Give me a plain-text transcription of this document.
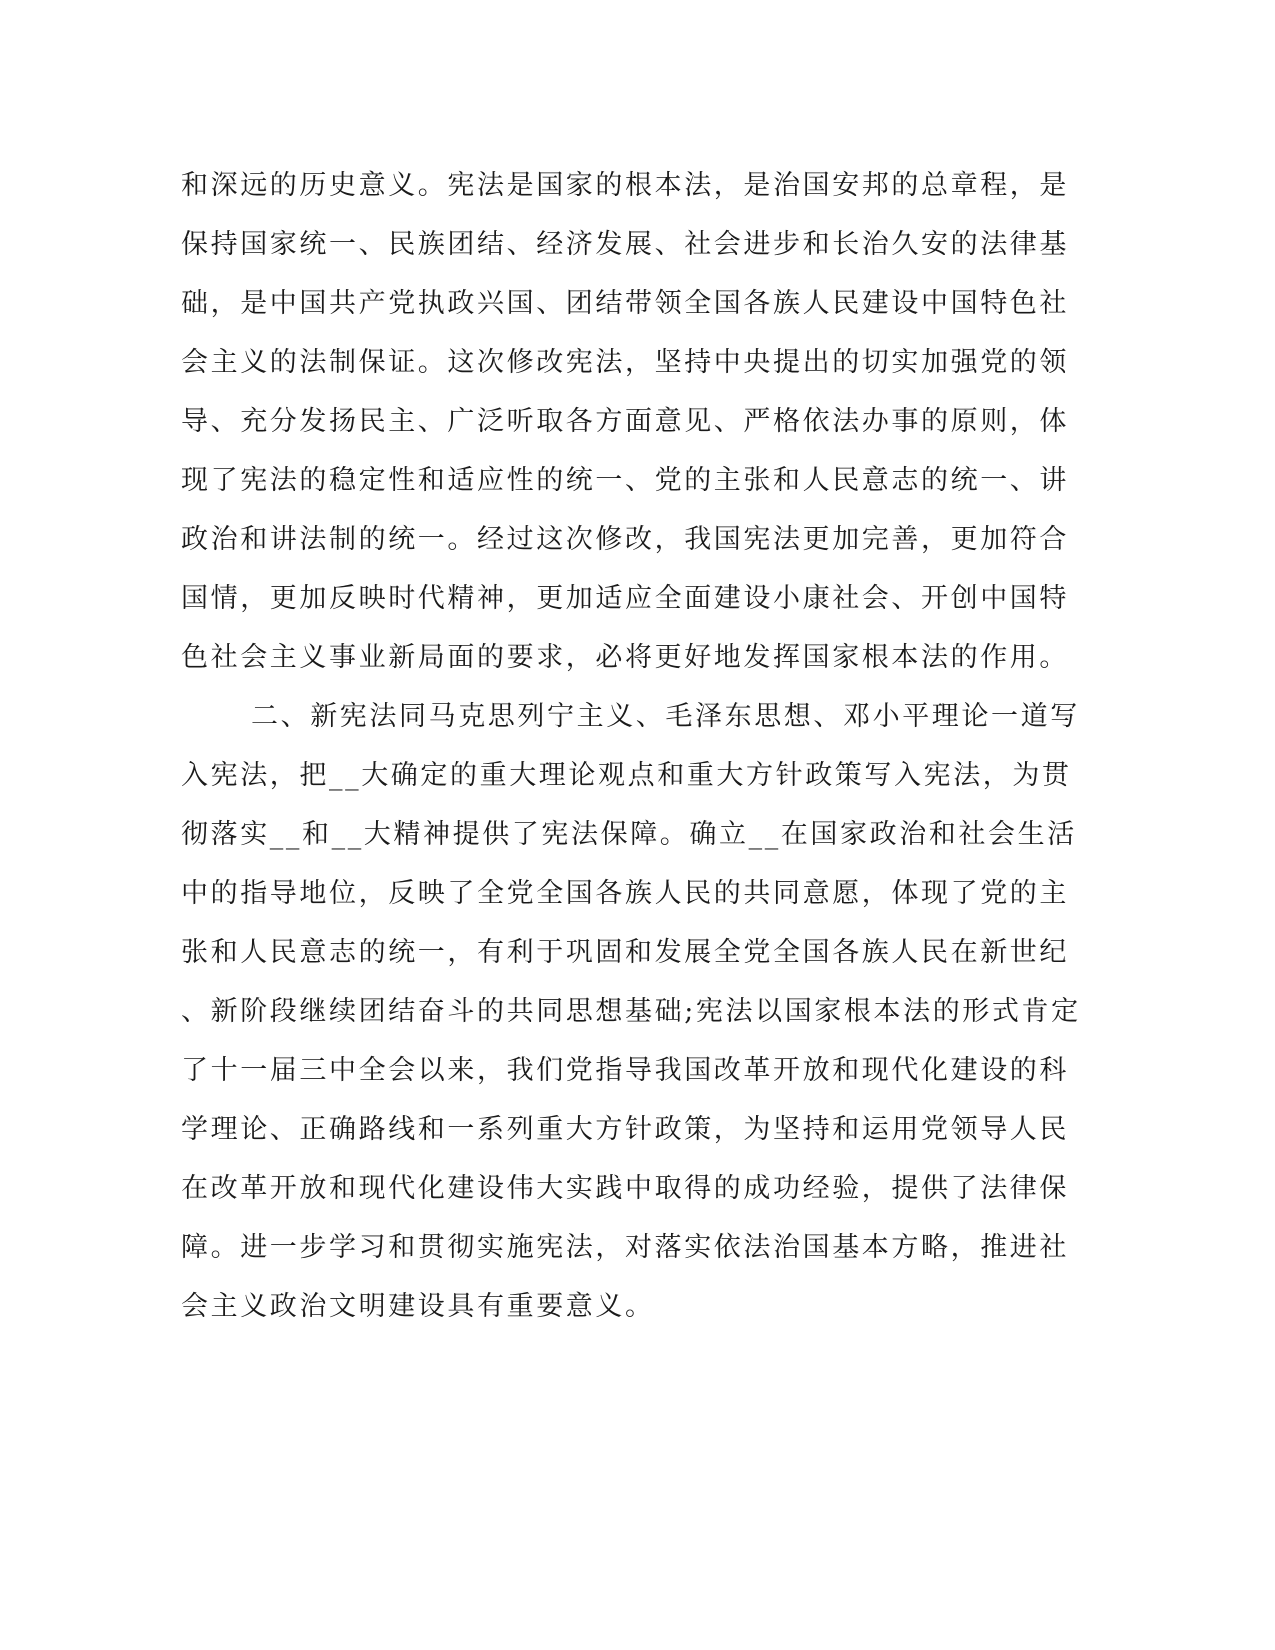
和深远的历史意义。宪法是国家的根本法，是治国安邦的总章程，是
保持国家统一、民族团结、经济发展、社会进步和长治久安的法律基
础，是中国共产党执政兴国、团结带领全国各族人民建设中国特色社
会主义的法制保证。这次修改宪法，坚持中央提出的切实加强党的领
导、充分发扬民主、广泛听取各方面意见、严格依法办事的原则，体
现了宪法的稳定性和适应性的统一、党的主张和人民意志的统一、讲
政治和讲法制的统一。经过这次修改，我国宪法更加完善，更加符合
国情，更加反映时代精神，更加适应全面建设小康社会、开创中国特
色社会主义事业新局面的要求，必将更好地发挥国家根本法的作用。
二、新宪法同马克思列宁主义、毛泽东思想、邓小平理论一道写
入宪法，把__大确定的重大理论观点和重大方针政策写入宪法，为贯
彻落实__和__大精神提供了宪法保障。确立__在国家政治和社会生活
中的指导地位，反映了全党全国各族人民的共同意愿，体现了党的主
张和人民意志的统一，有利于巩固和发展全党全国各族人民在新世纪
、新阶段继续团结奋斗的共同思想基础;宪法以国家根本法的形式肯定
了十一届三中全会以来，我们党指导我国改革开放和现代化建设的科
学理论、正确路线和一系列重大方针政策，为坚持和运用党领导人民
在改革开放和现代化建设伟大实践中取得的成功经验，提供了法律保
障。进一步学习和贯彻实施宪法，对落实依法治国基本方略，推进社
会主义政治文明建设具有重要意义。
